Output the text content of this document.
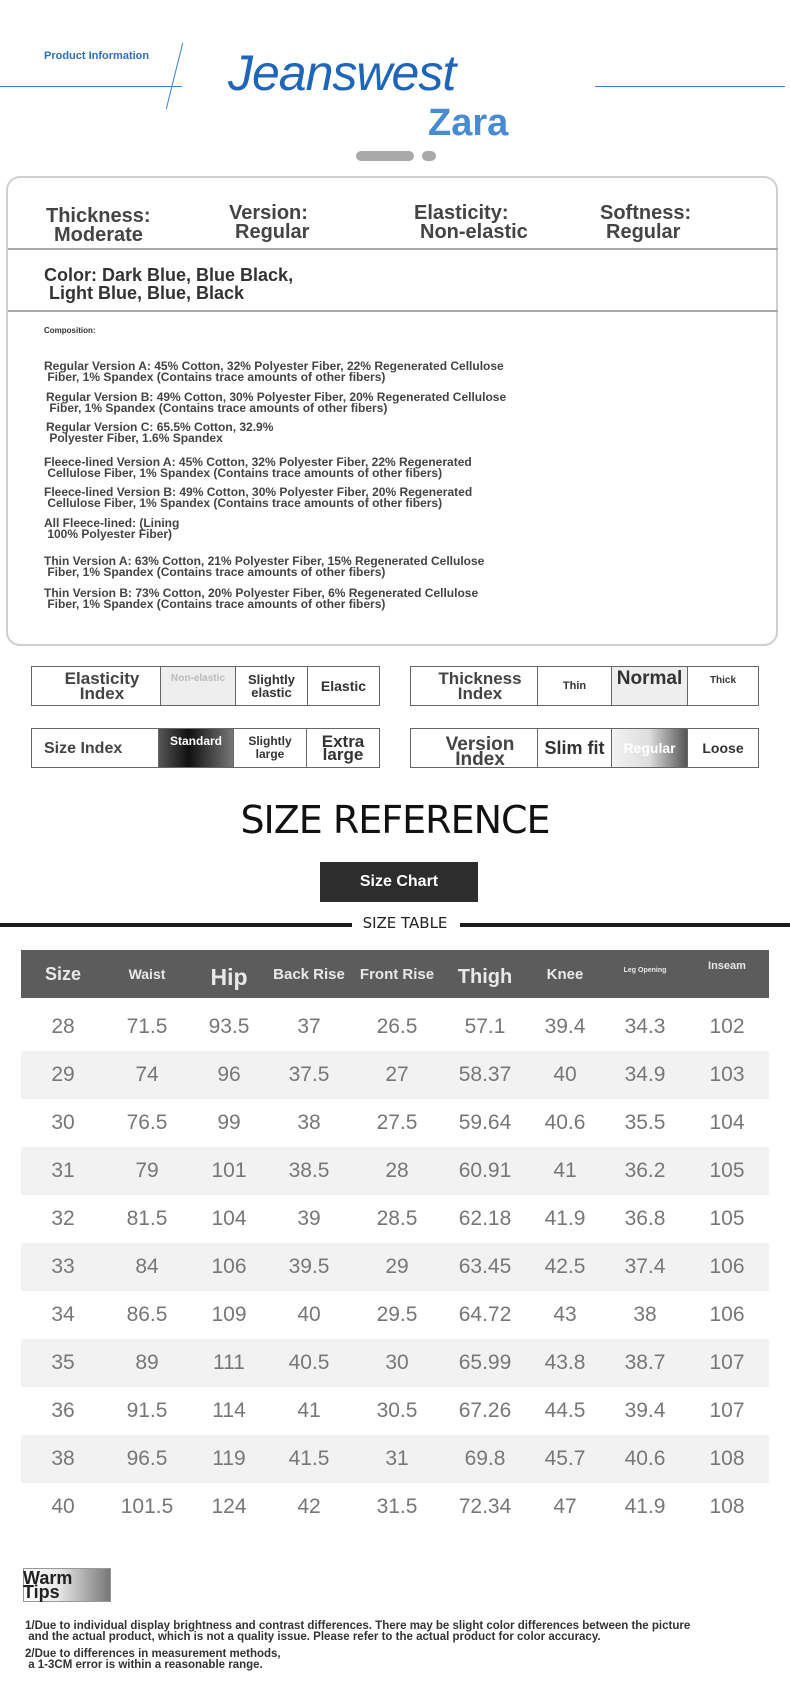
Product Information Jeanswest
Zara
Thickness:
Moderate
Version:
Regular
Elasticity:
Non-elastic
Softness:
Regular
Color: Dark Blue, Blue Black,
Light Blue, Blue, Black
Composition:
Regular Version A: 45% Cotton, 32% Polyester Fiber, 22% Regenerated Cellulose
Fiber, 1% Spandex (Contains trace amounts of other fibers)
Regular Version B: 49% Cotton, 30% Polyester Fiber, 20% Regenerated Cellulose
Fiber, 1% Spandex (Contains trace amounts of other fibers)
Regular Version C: 65.5% Cotton, 32.9%
Polyester Fiber, 1.6% Spandex
Fleece-lined Version A: 45% Cotton, 32% Polyester Fiber, 22% Regenerated
Cellulose Fiber, 1% Spandex (Contains trace amounts of other fibers)
Fleece-lined Version B: 49% Cotton, 30% Polyester Fiber, 20% Regenerated
Cellulose Fiber, 1% Spandex (Contains trace amounts of other fibers)
All Fleece-lined: (Lining
100% Polyester Fiber)
Thin Version A: 63% Cotton, 21% Polyester Fiber, 15% Regenerated Cellulose
Fiber, 1% Spandex (Contains trace amounts of other fibers)
Thin Version B: 73% Cotton, 20% Polyester Fiber, 6% Regenerated Cellulose
Fiber, 1% Spandex (Contains trace amounts of other fibers)
Elasticity Index
Non-elastic	Slightly elastic	Elastic	Thickness Index	Thin	Normal	Thick
Size Index	Standard	Slightly large
Extra large	Version Index
Slim fit	Regular	Loose
SIZE REFERENCE
Size Chart
SIZE TABLE
Size	Waist	Hip	Back Rise	Front Rise	Thigh	Knee	Leg Opening	Inseam
28	71.5	93.5	37	26.5	57.1	39.4	34.3	102
29	74	96	37.5	27	58.37	40	34.9	103
30	76.5	99	38	27.5	59.64	40.6	35.5	104
31	79	101	38.5	28	60.91	41	36.2	105
32	81.5	104	39	28.5	62.18	41.9	36.8	105
33	84	106	39.5	29	63.45	42.5	37.4	106
34	86.5	109	40	29.5	64.72	43	38	106
35	89	111	40.5	30	65.99	43.8	38.7	107
36	91.5	114	41	30.5	67.26	44.5	39.4	107
38	96.5	119	41.5	31	69.8	45.7	40.6	108
40	101.5	124	42	31.5	72.34	47	41.9	108
Warm
Tips
1/Due to individual display brightness and contrast differences. There may be slight color differences between the picture
and the actual product, which is not a quality issue. Please refer to the actual product for color accuracy.
2/Due to differences in measurement methods,
a 1-3CM error is within a reasonable range.
